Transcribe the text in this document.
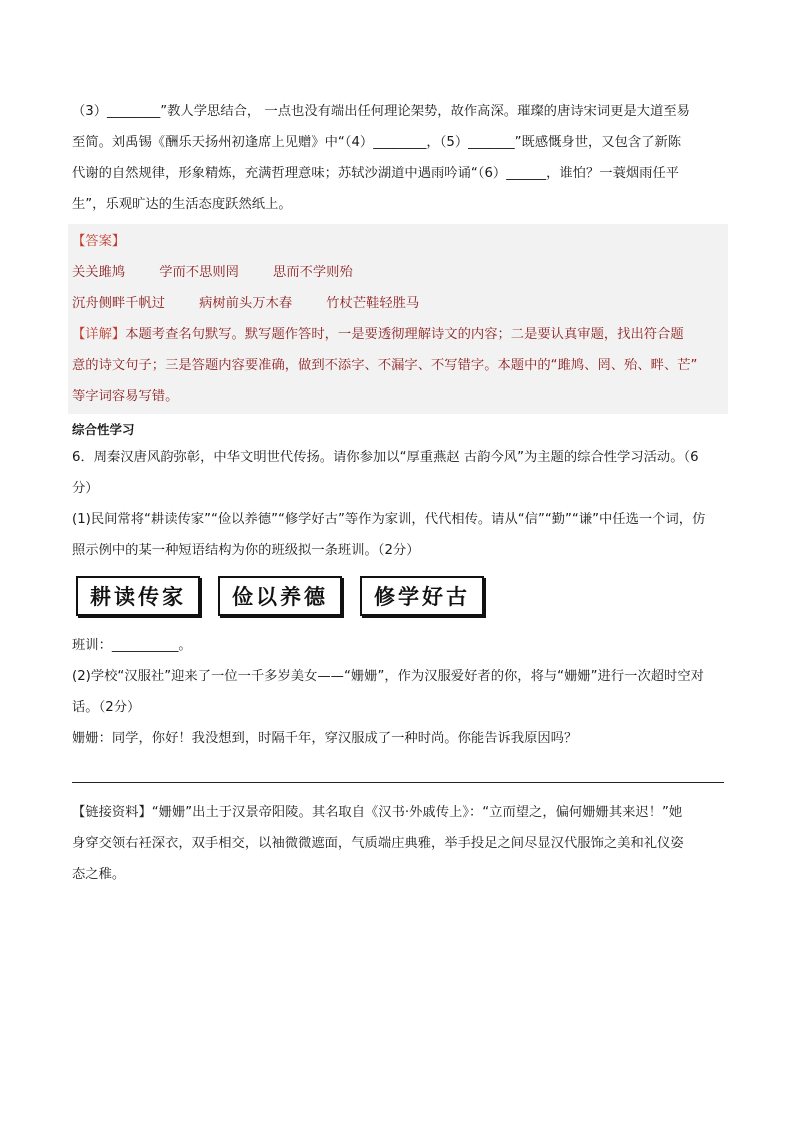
（3）________”教人学思结合， 一点也没有端出任何理论架势，故作高深。璀璨的唐诗宋词更是大道至易

至简。刘禹锡《酬乐天扬州初逢席上见赠》中“（4）________，（5）_______”既感慨身世，又包含了新陈

代谢的自然规律，形象精炼，充满哲理意味；苏轼沙湖道中遇雨吟诵“（6）______，谁怕？一蓑烟雨任平

生”，乐观旷达的生活态度跃然纸上。

【答案】
关关雎鸠	学而不思则罔	思而不学则殆
沉舟侧畔千帆过	病树前头万木春	竹杖芒鞋轻胜马
【详解】本题考查名句默写。默写题作答时，一是要透彻理解诗文的内容；二是要认真审题，找出符合题
意的诗文句子；三是答题内容要准确，做到不添字、不漏字、不写错字。本题中的“雎鸠、罔、殆、畔、芒”
等字词容易写错。
综合性学习

6．周秦汉唐风韵弥彰，中华文明世代传扬。请你参加以“厚重燕赵 古韵今风”为主题的综合性学习活动。（6

分）

(1)民间常将“耕读传家”“俭以养德”“修学好古”等作为家训，代代相传。请从“信”“勤”“谦”中任选一个词，仿

照示例中的某一种短语结构为你的班级拟一条班训。（2分）

耕读传家	俭以养德	修学好古

班训：__________。

(2)学校“汉服社”迎来了一位一千多岁美女——“姗姗”，作为汉服爱好者的你，将与“姗姗”进行一次超时空对

话。（2分）

姗姗：同学，你好！我没想到，时隔千年，穿汉服成了一种时尚。你能告诉我原因吗？

【链接资料】“姗姗”出土于汉景帝阳陵。其名取自《汉书·外戚传上》：“立而望之，偏何姗姗其来迟！”她

身穿交领右衽深衣，双手相交，以袖微微遮面，气质端庄典雅，举手投足之间尽显汉代服饰之美和礼仪姿

态之稚。
